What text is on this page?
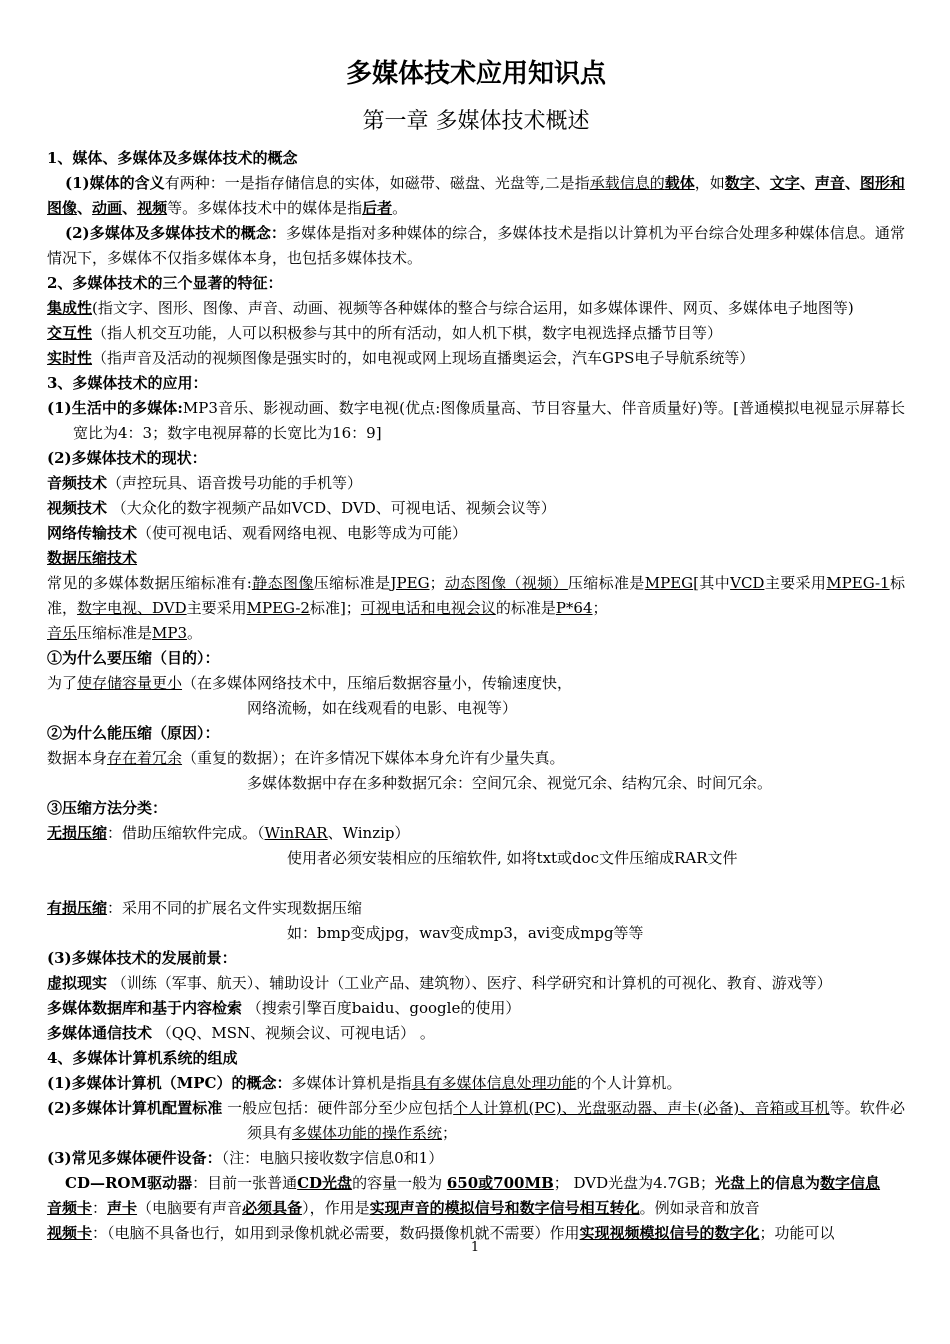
多媒体技术应用知识点
第一章 多媒体技术概述

1、媒体、多媒体及多媒体技术的概念

(1)媒体的含义有两种：一是指存储信息的实体，如磁带、磁盘、光盘等,二是指承载信息的载体，如数字、文字、声音、图形和图像、动画、视频等。多媒体技术中的媒体是指后者。

(2)多媒体及多媒体技术的概念：多媒体是指对多种媒体的综合，多媒体技术是指以计算机为平台综合处理多种媒体信息。通常情况下，多媒体不仅指多媒体本身，也包括多媒体技术。

2、多媒体技术的三个显著的特征：

集成性(指文字、图形、图像、声音、动画、视频等各种媒体的整合与综合运用，如多媒体课件、网页、多媒体电子地图等)

交互性（指人机交互功能，人可以积极参与其中的所有活动，如人机下棋，数字电视选择点播节目等）

实时性（指声音及活动的视频图像是强实时的，如电视或网上现场直播奥运会，汽车GPS电子导航系统等）

3、多媒体技术的应用：

(1)生活中的多媒体:MP3音乐、影视动画、数字电视(优点:图像质量高、节目容量大、伴音质量好)等。[普通模拟电视显示屏幕长宽比为4：3；数字电视屏幕的长宽比为16：9]

(2)多媒体技术的现状：

音频技术（声控玩具、语音拨号功能的手机等）

视频技术 （大众化的数字视频产品如VCD、DVD、可视电话、视频会议等）

网络传输技术（使可视电话、观看网络电视、电影等成为可能）

数据压缩技术

常见的多媒体数据压缩标准有:静态图像压缩标准是JPEG；动态图像（视频）压缩标准是MPEG[其中VCD主要采用MPEG-1标准，数字电视、DVD主要采用MPEG-2标准]；可视电话和电视会议的标准是P*64；

音乐压缩标准是MP3。

①为什么要压缩（目的）：

为了使存储容量更小（在多媒体网络技术中，压缩后数据容量小，传输速度快，

网络流畅，如在线观看的电影、电视等）

②为什么能压缩（原因）：

数据本身存在着冗余（重复的数据）；在许多情况下媒体本身允许有少量失真。

多媒体数据中存在多种数据冗余：空间冗余、视觉冗余、结构冗余、时间冗余。

③压缩方法分类：

无损压缩：借助压缩软件完成。（WinRAR、Winzip）

使用者必须安装相应的压缩软件, 如将txt或doc文件压缩成RAR文件

有损压缩：采用不同的扩展名文件实现数据压缩

如：bmp变成jpg，wav变成mp3，avi变成mpg等等

(3)多媒体技术的发展前景：

虚拟现实 （训练（军事、航天）、辅助设计（工业产品、建筑物）、医疗、科学研究和计算机的可视化、教育、游戏等）

多媒体数据库和基于内容检索 （搜索引擎百度baidu、google的使用）

多媒体通信技术 （QQ、MSN、视频会议、可视电话） 。

4、多媒体计算机系统的组成

(1)多媒体计算机（MPC）的概念：多媒体计算机是指具有多媒体信息处理功能的个人计算机。

(2)多媒体计算机配置标准 一般应包括：硬件部分至少应包括个人计算机(PC)、光盘驱动器、声卡(必备)、音箱或耳机等。软件必须具有多媒体功能的操作系统；

(3)常见多媒体硬件设备：（注：电脑只接收数字信息0和1）

CD—ROM驱动器：目前一张普通CD光盘的容量一般为 650或700MB； DVD光盘为4.7GB；光盘上的信息为数字信息

音频卡：声卡（电脑要有声音必须具备），作用是实现声音的模拟信号和数字信号相互转化。例如录音和放音

视频卡：（电脑不具备也行，如用到录像机就必需要，数码摄像机就不需要）作用实现视频模拟信号的数字化；功能可以

1
